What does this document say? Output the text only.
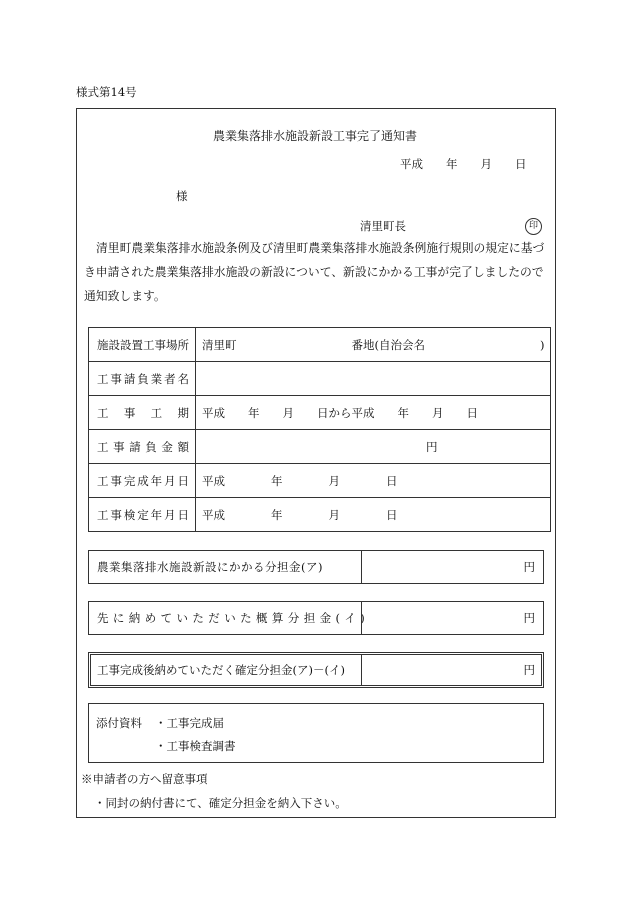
様式第14号
農業集落排水施設新設工事完了通知書
平成　　年　　月　　日
様
清里町長	印

清里町農業集落排水施設条例及び清里町農業集落排水施設条例施行規則の規定に基づき申請された農業集落排水施設の新設について、新設にかかる工事が完了しましたので通知致します。

施設設置工事場所	清里町　　　　　　　　　　番地(自治会名　　　　　　　　　　)
工事請負業者名	
工事工期	平成　　年　　月　　日から平成　　年　　月　　日
工事請負金額	円
工事完成年月日	平成　　　　年　　　　月　　　　日
工事検定年月日	平成　　　　年　　　　月　　　　日
農業集落排水施設新設にかかる分担金(ア)	円
先に納めていただいた概算分担金(イ)	円
工事完成後納めていただく確定分担金(ア)－(イ)	円
添付資料 ・工事完成届
・工事検査調書
※申請者の方へ留意事項
・同封の納付書にて、確定分担金を納入下さい。
